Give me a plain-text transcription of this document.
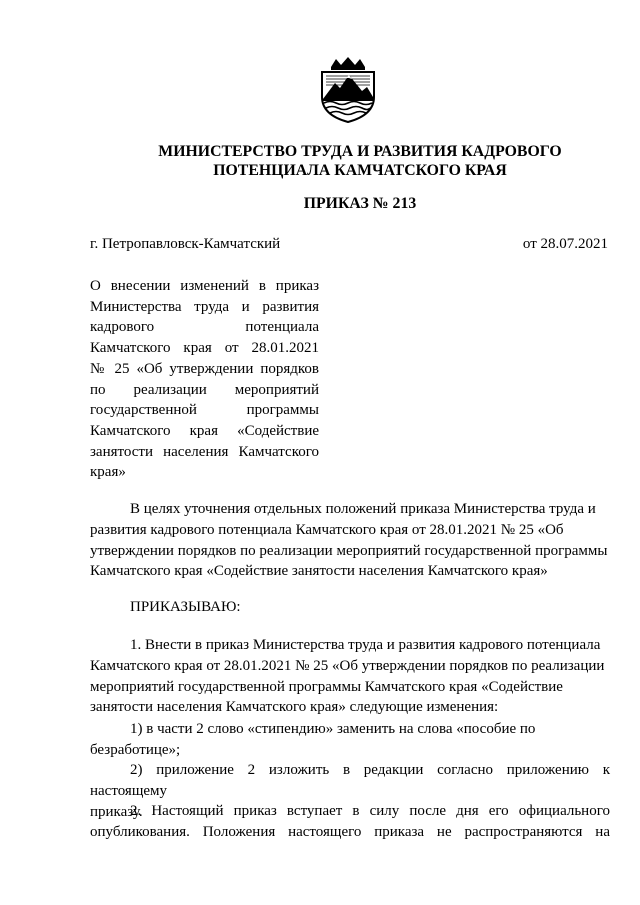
МИНИСТЕРСТВО ТРУДА И РАЗВИТИЯ КАДРОВОГО
ПОТЕНЦИАЛА КАМЧАТСКОГО КРАЯ
ПРИКАЗ № 213
г. Петропавловск-Камчатский	от 28.07.2021

О внесении изменений в приказ
Министерства труда и развития
кадрового потенциала
Камчатского края от 28.01.2021
№ 25 «Об утверждении порядков
по реализации мероприятий
государственной программы
Камчатского края «Содействие
занятости населения Камчатского
края»

В целях уточнения отдельных положений приказа Министерства труда и
развития кадрового потенциала Камчатского края от 28.01.2021 № 25 «Об
утверждении порядков по реализации мероприятий государственной программы
Камчатского края «Содействие занятости населения Камчатского края»

ПРИКАЗЫВАЮ:

1. Внести в приказ Министерства труда и развития кадрового потенциала
Камчатского края от 28.01.2021 № 25 «Об утверждении порядков по реализации
мероприятий государственной программы Камчатского края «Содействие
занятости населения Камчатского края» следующие изменения:

1) в части 2 слово «стипендию» заменить на слова «пособие по
безработице»;

2) приложение 2 изложить в редакции согласно приложению к настоящему
приказу.

2. Настоящий приказ вступает в силу после дня его официального
опубликования. Положения настоящего приказа не распространяются на
